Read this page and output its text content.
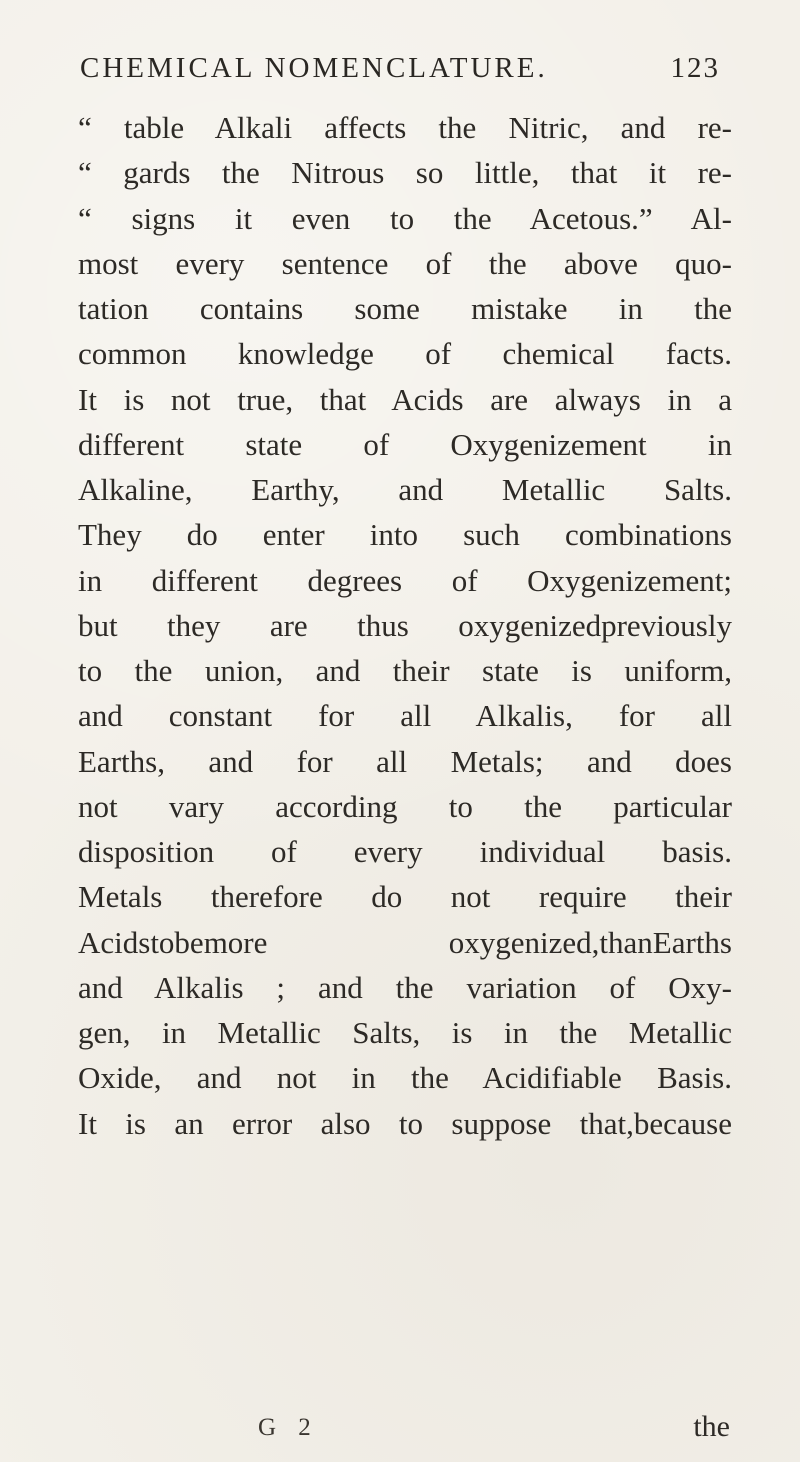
CHEMICAL NOMENCLATURE.	123
“ table Alkali affects the Nitric, and re-
“ gards the Nitrous so little, that it re-
“ signs it even to the Acetous.” Al-
most every sentence of the above quo-
tation contains some mistake in the
common knowledge of chemical facts.
It is not true, that Acids are always in a
different state of Oxygenizement in
Alkaline, Earthy, and Metallic Salts.
They do enter into such combinations
in different degrees of Oxygenizement;
but they are thus oxygenizedpreviously
to the union, and their state is uniform,
and constant for all Alkalis, for all
Earths, and for all Metals; and does
not vary according to the particular
disposition of every individual basis.
Metals therefore do not require their
Acidstobemore oxygenized,thanEarths
and Alkalis ; and the variation of Oxy-
gen, in Metallic Salts, is in the Metallic
Oxide, and not in the Acidifiable Basis.
It is an error also to suppose that,because
G 2	the
